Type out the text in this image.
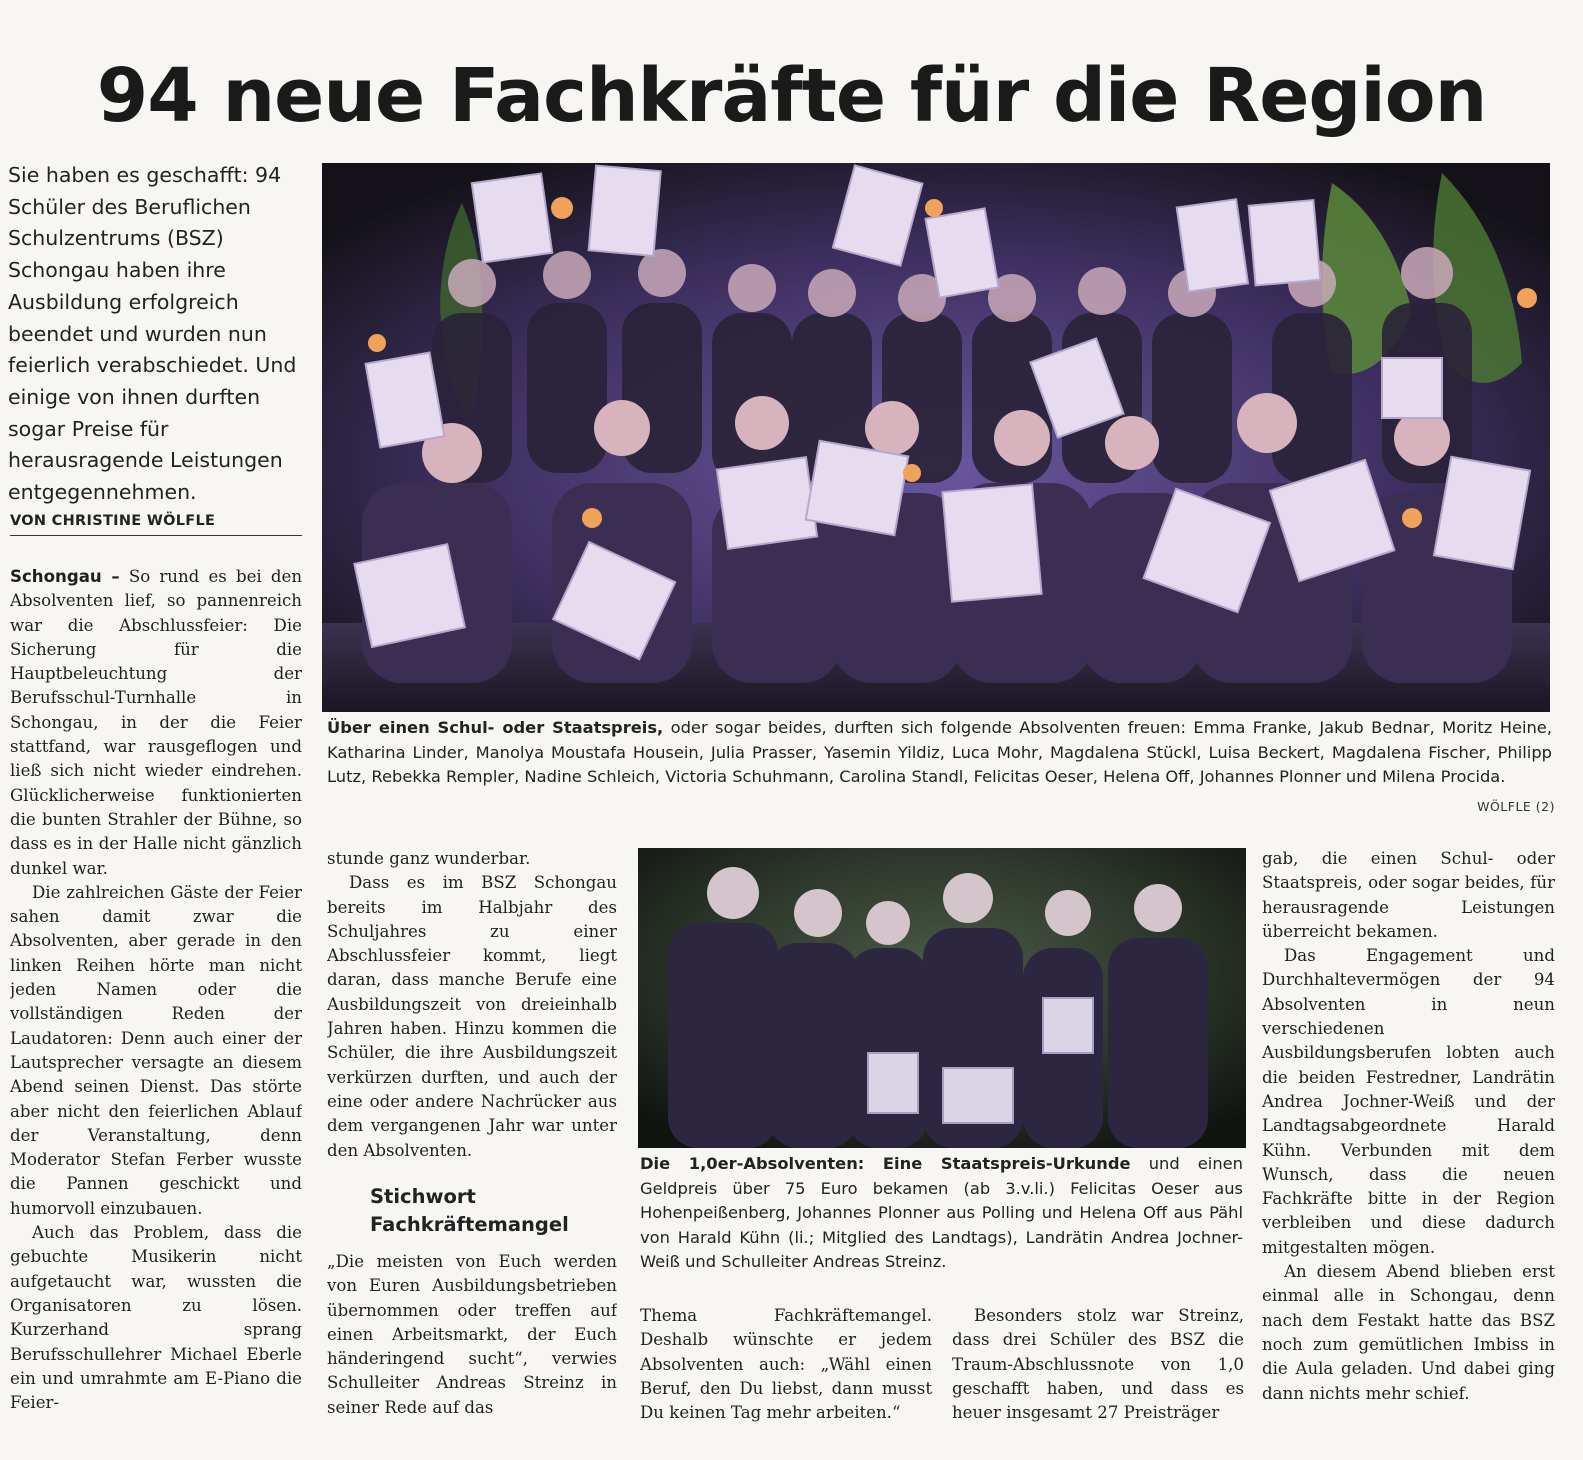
94 neue Fachkräfte für die Region

Sie haben es geschafft: 94 Schüler des Beruflichen Schulzentrums (BSZ) Schongau haben ihre Ausbildung erfolgreich beendet und wurden nun feierlich verabschiedet. Und einige von ihnen durften sogar Preise für herausragende Leistungen entgegennehmen.

VON CHRISTINE WÖLFLE

Schongau – So rund es bei den Absolventen lief, so pannenreich war die Abschlussfeier: Die Sicherung für die Hauptbeleuchtung der Berufsschul-Turnhalle in Schongau, in der die Feier stattfand, war rausgeflogen und ließ sich nicht wieder eindrehen. Glücklicherweise funktionierten die bunten Strahler der Bühne, so dass es in der Halle nicht gänzlich dunkel war.

Die zahlreichen Gäste der Feier sahen damit zwar die Absolventen, aber gerade in den linken Reihen hörte man nicht jeden Namen oder die vollständigen Reden der Laudatoren: Denn auch einer der Lautsprecher versagte an diesem Abend seinen Dienst. Das störte aber nicht den feierlichen Ablauf der Veranstaltung, denn Moderator Stefan Ferber wusste die Pannen geschickt und humorvoll einzubauen.

Auch das Problem, dass die gebuchte Musikerin nicht aufgetaucht war, wussten die Organisatoren zu lösen. Kurzerhand sprang Berufsschullehrer Michael Eberle ein und umrahmte am E-Piano die Feier-

Über einen Schul- oder Staatspreis, oder sogar beides, durften sich folgende Absolventen freuen: Emma Franke, Jakub Bednar, Moritz Heine, Katharina Linder, Manolya Moustafa Housein, Julia Prasser, Yasemin Yildiz, Luca Mohr, Magdalena Stückl, Luisa Beckert, Magdalena Fischer, Philipp Lutz, Rebekka Rempler, Nadine Schleich, Victoria Schuhmann, Carolina Standl, Felicitas Oeser, Helena Off, Johannes Plonner und Milena Procida.
WÖLFLE (2)

stunde ganz wunderbar.

Dass es im BSZ Schongau bereits im Halbjahr des Schuljahres zu einer Abschlussfeier kommt, liegt daran, dass manche Berufe eine Ausbildungszeit von dreieinhalb Jahren haben. Hinzu kommen die Schüler, die ihre Ausbildungszeit verkürzen durften, und auch der eine oder andere Nachrücker aus dem vergangenen Jahr war unter den Absolventen.

Stichwort Fachkräftemangel

„Die meisten von Euch werden von Euren Ausbildungsbetrieben übernommen oder treffen auf einen Arbeitsmarkt, der Euch händeringend sucht“, verwies Schulleiter Andreas Streinz in seiner Rede auf das

Die 1,0er-Absolventen: Eine Staatspreis-Urkunde und einen Geldpreis über 75 Euro bekamen (ab 3.v.li.) Felicitas Oeser aus Hohenpeißenberg, Johannes Plonner aus Polling und Helena Off aus Pähl von Harald Kühn (li.; Mitglied des Landtags), Landrätin Andrea Jochner-Weiß und Schulleiter Andreas Streinz.

Thema Fachkräftemangel. Deshalb wünschte er jedem Absolventen auch: „Wähl einen Beruf, den Du liebst, dann musst Du keinen Tag mehr arbeiten.“

Besonders stolz war Streinz, dass drei Schüler des BSZ die Traum-Abschlussnote von 1,0 geschafft haben, und dass es heuer insgesamt 27 Preisträger

gab, die einen Schul- oder Staatspreis, oder sogar beides, für herausragende Leistungen überreicht bekamen.

Das Engagement und Durchhaltevermögen der 94 Absolventen in neun verschiedenen Ausbildungsberufen lobten auch die beiden Festredner, Landrätin Andrea Jochner-Weiß und der Landtagsabgeordnete Harald Kühn. Verbunden mit dem Wunsch, dass die neuen Fachkräfte bitte in der Region verbleiben und diese dadurch mitgestalten mögen.

An diesem Abend blieben erst einmal alle in Schongau, denn nach dem Festakt hatte das BSZ noch zum gemütlichen Imbiss in die Aula geladen. Und dabei ging dann nichts mehr schief.
